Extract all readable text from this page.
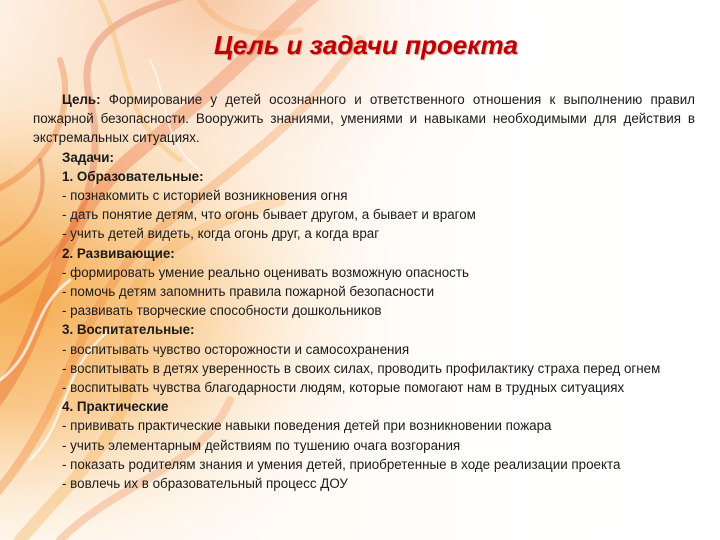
Цель и задачи проекта

Цель: Формирование у детей осознанного и ответственного отношения к выполнению правил пожарной безопасности. Вооружить знаниями, умениями и навыками необходимыми для действия в экстремальных ситуациях.

Задачи:

1. Образовательные:

- познакомить с историей возникновения огня

- дать понятие детям, что огонь бывает другом, а бывает и врагом

- учить детей видеть, когда огонь друг, а когда враг

2. Развивающие:

- формировать умение реально оценивать возможную опасность

- помочь детям запомнить правила пожарной безопасности

- развивать творческие способности дошкольников

3. Воспитательные:

- воспитывать чувство осторожности и самосохранения

- воспитывать в детях уверенность в своих силах, проводить профилактику страха перед огнем

- воспитывать чувства благодарности людям, которые помогают нам в трудных ситуациях

4. Практические

- прививать практические навыки поведения детей при возникновении пожара

- учить элементарным действиям по тушению очага возгорания

- показать родителям знания и умения детей, приобретенные в ходе реализации проекта

- вовлечь их в образовательный процесс ДОУ
